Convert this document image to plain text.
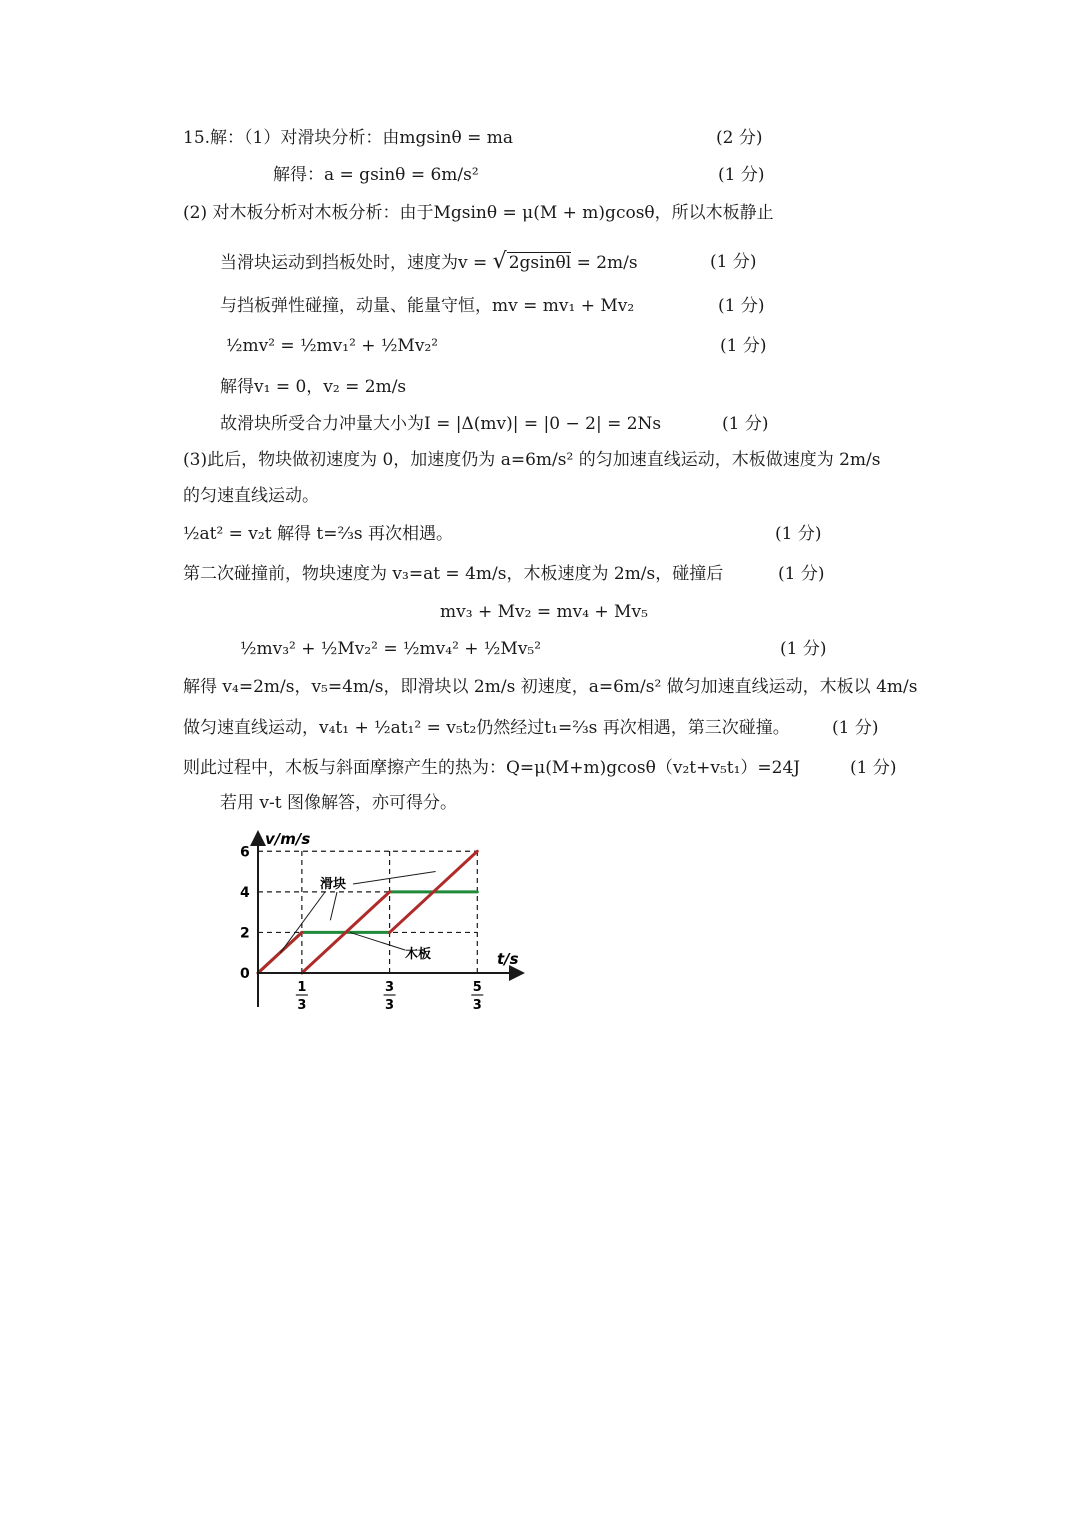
15.解：（1）对滑块分析：由mgsinθ = ma	(2 分)
解得：a = gsinθ = 6m/s²	(1 分)
(2) 对木板分析对木板分析：由于Mgsinθ = μ(M + m)gcosθ，所以木板静止
当滑块运动到挡板处时，速度为v = √ 2gsinθl = 2m/s	(1 分)
与挡板弹性碰撞，动量、能量守恒，mv = mv₁ + Mv₂	(1 分)
½mv² = ½mv₁² + ½Mv₂²	(1 分)
解得v₁ = 0，v₂ = 2m/s
故滑块所受合力冲量大小为I = |Δ(mv)| = |0 − 2| = 2Ns	(1 分)
(3)此后，物块做初速度为 0，加速度仍为 a=6m/s² 的匀加速直线运动，木板做速度为 2m/s
的匀速直线运动。
½at² = v₂t 解得 t=⅔s 再次相遇。	(1 分)
第二次碰撞前，物块速度为 v₃=at = 4m/s，木板速度为 2m/s，碰撞后	(1 分)
mv₃ + Mv₂ = mv₄ + Mv₅
½mv₃² + ½Mv₂² = ½mv₄² + ½Mv₅²	(1 分)
解得 v₄=2m/s，v₅=4m/s，即滑块以 2m/s 初速度，a=6m/s² 做匀加速直线运动，木板以 4m/s
做匀速直线运动，v₄t₁ + ½at₁² = v₅t₂仍然经过t₁=⅔s 再次相遇，第三次碰撞。 (1 分)
则此过程中，木板与斜面摩擦产生的热为：Q=μ(M+m)gcosθ（v₂t+v₅t₁）=24J	(1 分)
若用 v-t 图像解答，亦可得分。
v/m/s
t/s
0
2
4
6
1
3
3
3
5
3
滑块
木板
